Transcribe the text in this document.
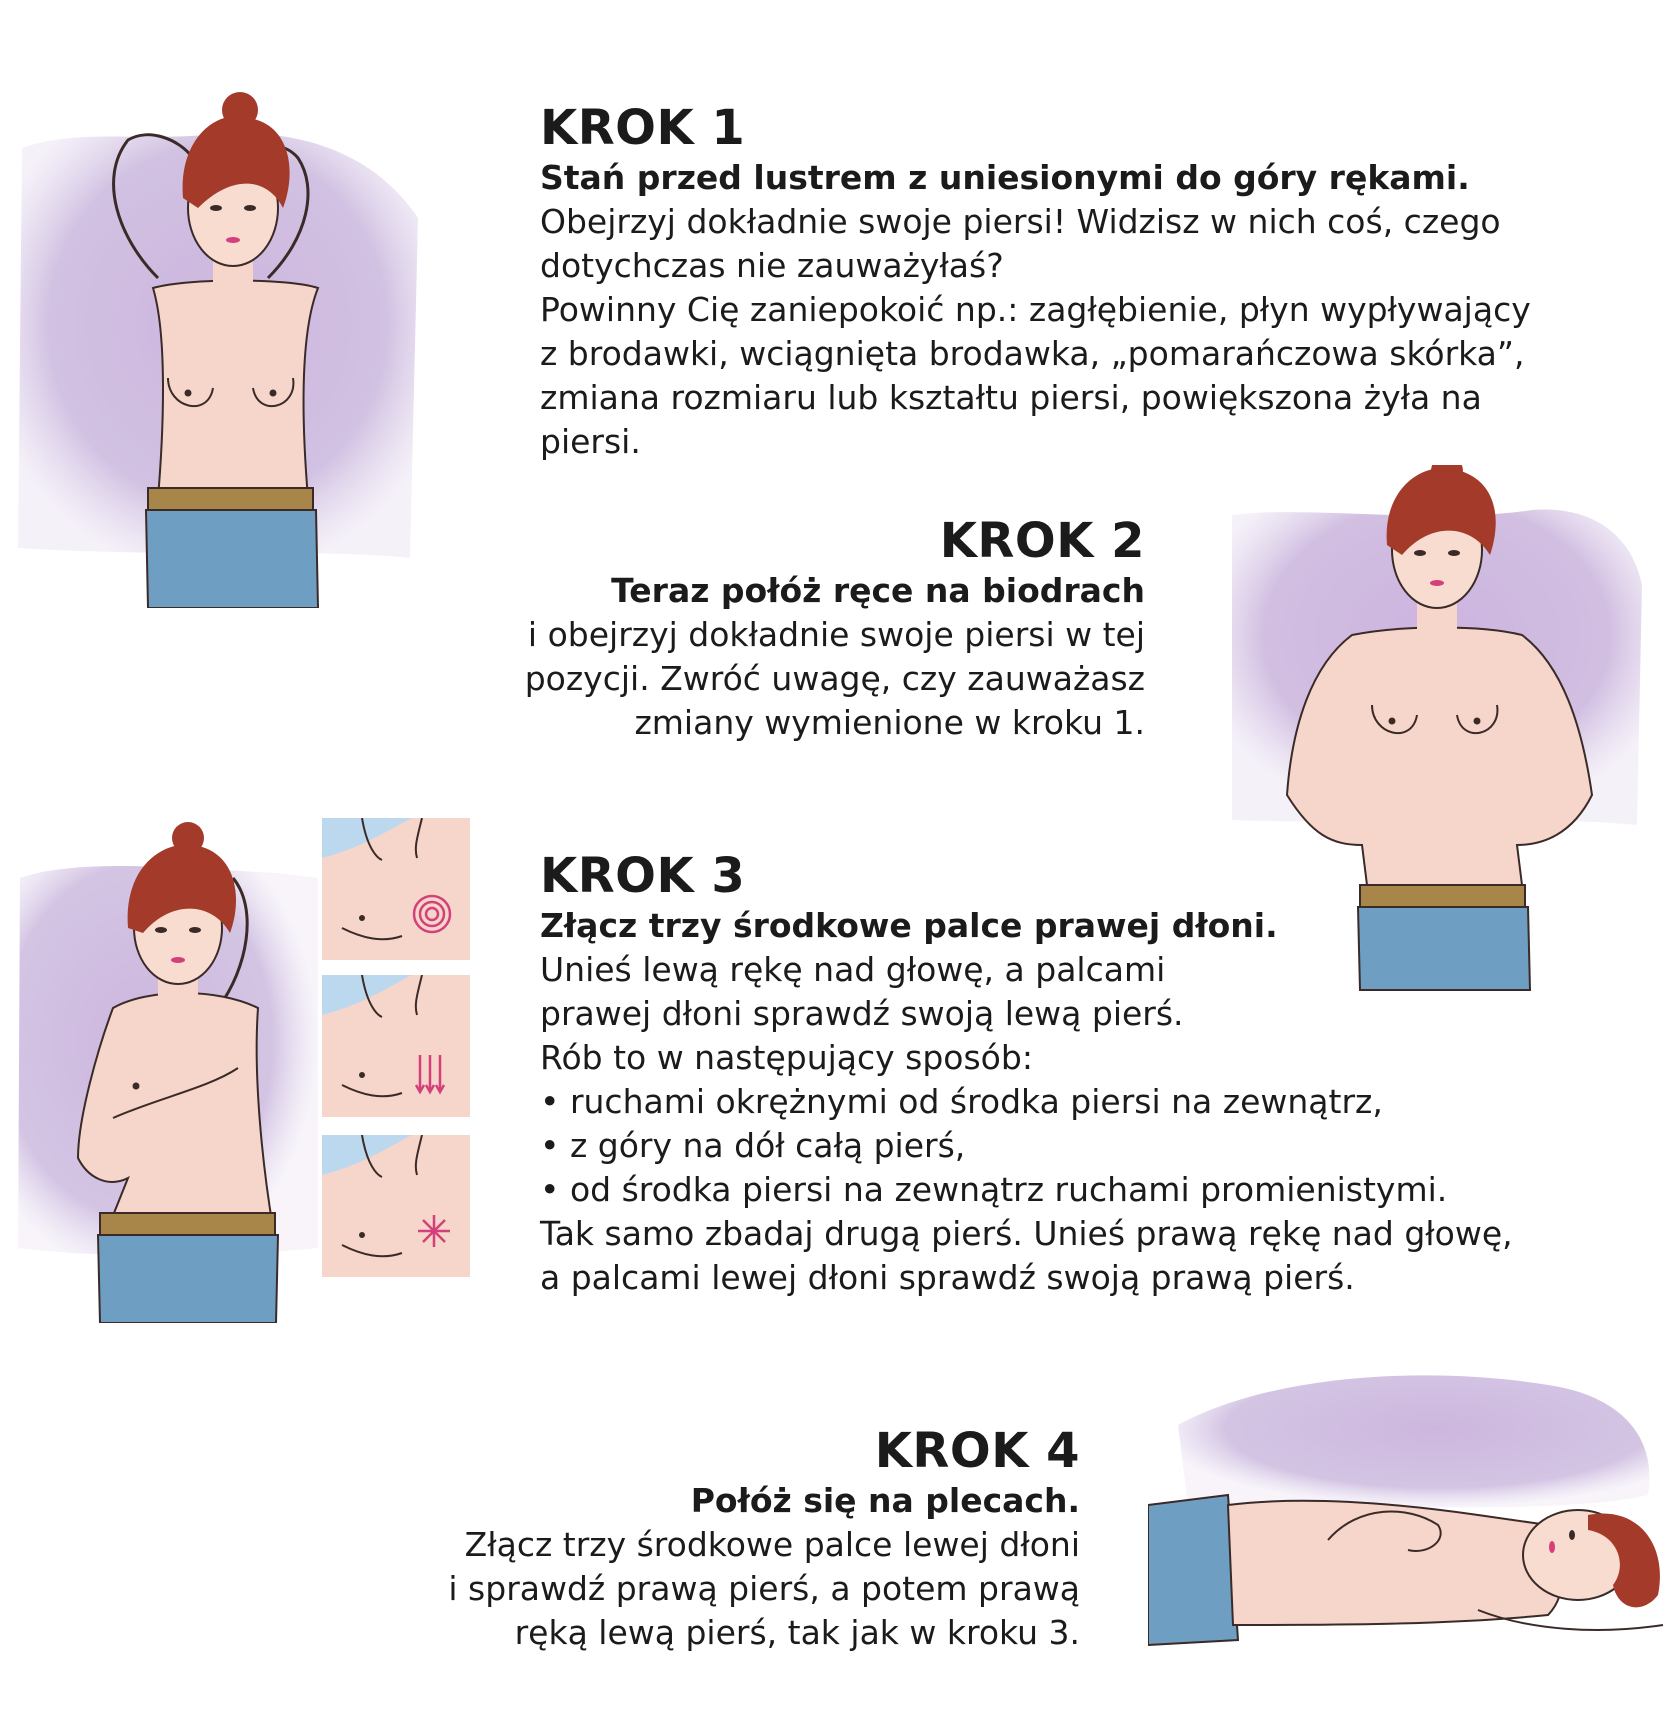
KROK 1
Stań przed lustrem z uniesionymi do góry rękami.
Obejrzyj dokładnie swoje piersi! Widzisz w nich coś, czego
dotychczas nie zauważyłaś?
Powinny Cię zaniepokoić np.: zagłębienie, płyn wypływający
z brodawki, wciągnięta brodawka, „pomarańczowa skórka”,
zmiana rozmiaru lub kształtu piersi, powiększona żyła na
piersi.
KROK 2
Teraz połóż ręce na biodrach
i obejrzyj dokładnie swoje piersi w tej
pozycji. Zwróć uwagę, czy zauważasz
zmiany wymienione w kroku 1.
KROK 3
Złącz trzy środkowe palce prawej dłoni.
Unieś lewą rękę nad głowę, a palcami
prawej dłoni sprawdź swoją lewą pierś.
Rób to w następujący sposób:
• ruchami okrężnymi od środka piersi na zewnątrz,
• z góry na dół całą pierś,
• od środka piersi na zewnątrz ruchami promienistymi.
Tak samo zbadaj drugą pierś. Unieś prawą rękę nad głowę,
a palcami lewej dłoni sprawdź swoją prawą pierś.
KROK 4
Połóż się na plecach.
Złącz trzy środkowe palce lewej dłoni
i sprawdź prawą pierś, a potem prawą
ręką lewą pierś, tak jak w kroku 3.
